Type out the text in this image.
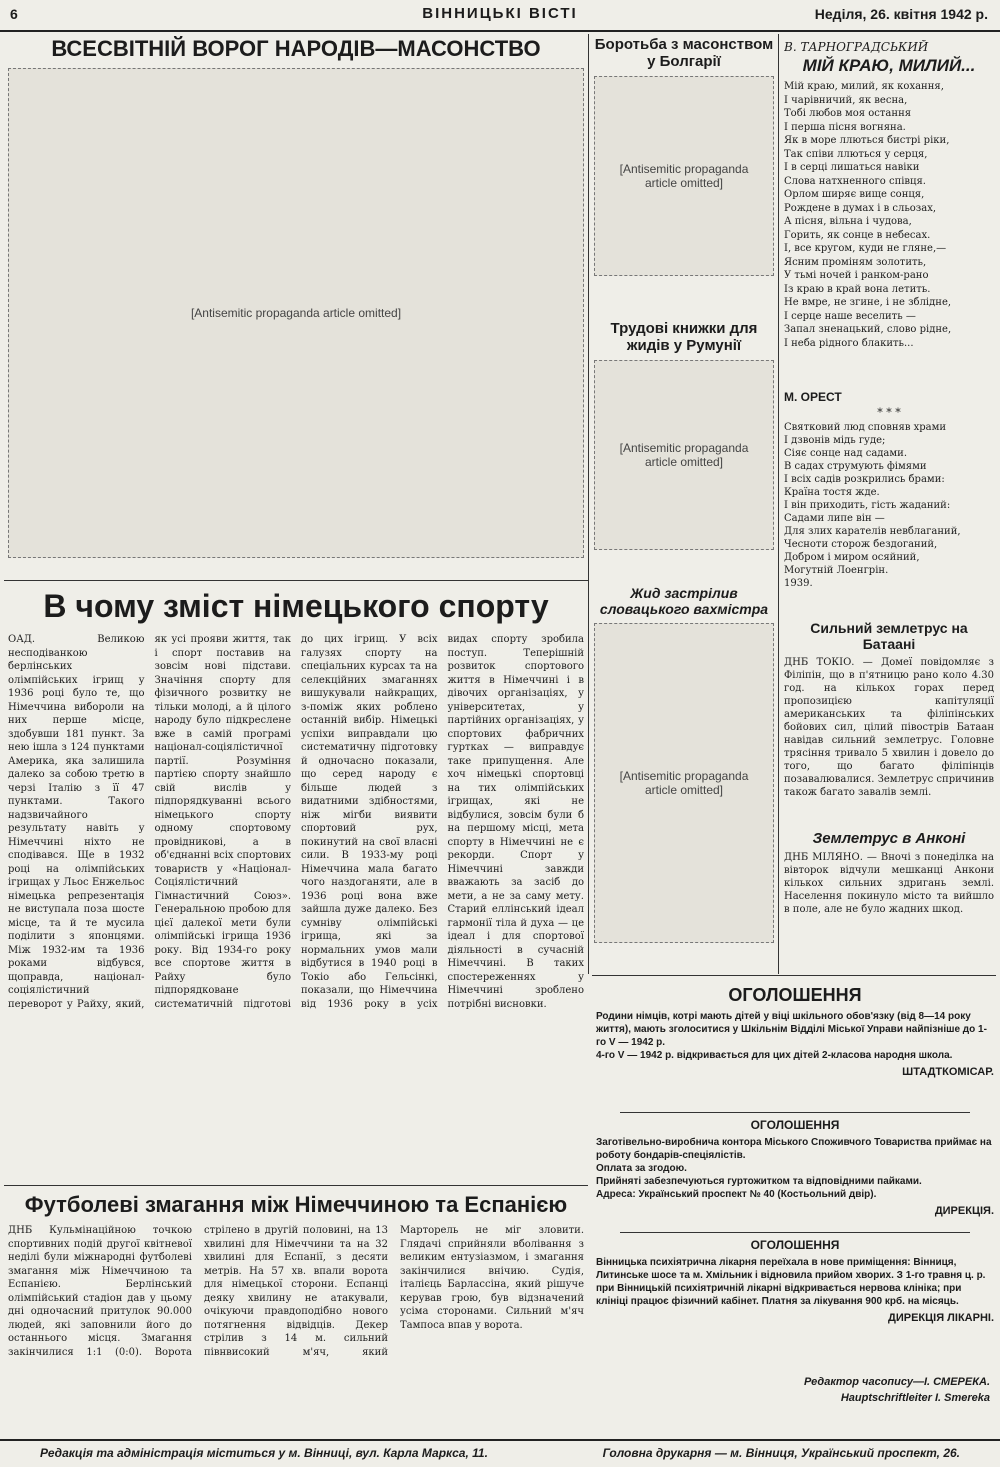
6	ВІННИЦЬКІ ВІСТІ	Неділя, 26. квітня 1942 р.

ВСЕСВІТНІЙ ВОРОГ НАРОДІВ—МАСОНСТВО

[Antisemitic propaganda article omitted]

Боротьба з масонством у Болгарії

[Antisemitic propaganda article omitted]

Трудові книжки для жидів у Румунії

[Antisemitic propaganda article omitted]

Жид застрілив словацького вахмістра

[Antisemitic propaganda article omitted]

В. ТАРНОГРАДСЬКИЙ

МІЙ КРАЮ, МИЛИЙ...

Мій краю, милий, як кохання,
І чарівничий, як весна,
Тобі любов моя остання
І перша пісня вогняна.
Як в море ллються бистрі ріки,
Так співи ллються у серця,
І в серці лишаться навіки
Слова натхненного співця.
Орлом ширяє вище сонця,
Рождене в думах і в сльозах,
А пісня, вільна і чудова,
Горить, як сонце в небесах.
І, все кругом, куди не гляне,—
Ясним проміням золотить,
У тьмі ночей і ранком-рано
Із краю в край вона летить.
Не вмре, не згине, і не зблідне,
І серце наше веселить —
Запал зненацький, слово рідне,
І неба рідного блакить...

М. ОРЕСТ

* * *

Святковий люд сповняв храми
І дзвонів мідь гуде;
Сіяє сонце над садами.
В садах струмують фімями
І всіх садів розкрились брами:
Країна тостя жде.
І він приходить, гість жаданий:
Садами липе він —
Для злих карателів невблаганий,
Чесноти сторож бездоганий,
Добром і миром осяйний,
Могутній Лоенгрін.
1939.

Сильний землетрус на Батаані

ДНБ ТОКІО. — Домеї повідомляє з Філіпін, що в п'ятницю рано коло 4.30 год. на кількох горах перед пропозицією капітуляції американських та філіпінських бойових сил, цілий півострів Батаан навідав сильний землетрус. Головне трясіння тривало 5 хвилин і довело до того, що багато філіпінців позавалювалися. Землетрус спричинив також багато завалів землі.

Землетрус в Анконі

ДНБ МІЛЯНО. — Вночі з понеділка на вівторок відчули мешканці Анкони кількох сильних здригань землі. Населення покинуло місто та вийшло в поле, але не було жадних шкод.

В чому зміст німецького спорту

ОАД. Великою несподіванкою берлінських олімпійських ігрищ у 1936 році було те, що Німеччина вибороли на них перше місце, здобувши 181 пункт. За нею ішла з 124 пунктами Америка, яка залишила далеко за собою третю в черзі Італію з її 47 пунктами. Такого надзвичайного результату навіть у Німеччині ніхто не сподівався. Ще в 1932 році на олімпійських ігрищах у Льос Енжельос німецька репрезентація не виступала поза шосте місце, та й те мусила поділити з японцями. Між 1932-им та 1936 роками відбувся, щоправда, націонал-соціялістичний переворот у Райху, який, як усі прояви життя, так і спорт поставив на зовсім нові підстави. Значіння спорту для фізичного розвитку не тільки молоді, а й цілого народу було підкреслене вже в самій програмі націонал-соціялістичної партії. Розуміння партією спорту знайшло свій вислів у підпорядкуванні всього німецького спорту одному спортовому провідникові, а в об'єднанні всіх спортових товариств у «Націонал-Соціялістичний Гімнастичний Союз». Генеральною пробою для цієї далекої мети були олімпійські ігрища 1936 року. Від 1934-го року все спортове життя в Райху було підпорядковане систематичній підготові до цих ігрищ. У всіх галузях спорту на спеціальних курсах та на селекційних змаганнях вишукували найкращих, з-поміж яких роблено останній вибір. Німецькі успіхи виправдали цю систематичну підготовку й одночасно показали, що серед народу є більше людей з видатними здібностями, ніж мігби виявити спортовий рух, покинутий на свої власні сили. В 1933-му році Німеччина мала багато чого наздоганяти, але в 1936 році вона вже зайшла дуже далеко. Без сумніву олімпійські ігрища, які за нормальних умов мали відбутися в 1940 році в Токіо або Гельсінкі, показали, що Німеччина від 1936 року в усіх видах спорту зробила поступ. Теперішній розвиток спортового життя в Німеччині і в дівочих організаціях, у університетах, у партійних організаціях, у спортових фабричних гуртках — виправдує таке припущення. Але хоч німецькі спортовці на тих олімпійських ігрищах, які не відбулися, зовсім були б на першому місці, мета спорту в Німеччині не є рекорди. Спорт у Німеччині завжди вважають за засіб до мети, а не за саму мету. Старий еллінський ідеал гармонії тіла й духа — це ідеал і для спортової діяльності в сучасній Німеччині. В таких спостереженнях у Німеччині зроблено потрібні висновки.

Футболеві змагання між Німеччиною та Еспанією

ДНБ Кульмінаційною точкою спортивних подій другої квітневої неділі були міжнародні футболеві змагання між Німеччиною та Еспанією. Берлінський олімпійський стадіон дав у цьому дні одночасний притулок 90.000 людей, які заповнили його до останнього місця. Змагання закінчилися 1:1 (0:0). Ворота стрілено в другій половині, на 13 хвилині для Німеччини та на 32 хвилині для Еспанії, з десяти метрів. На 57 хв. впали ворота для німецької сторони. Еспанці деяку хвилину не атакували, очікуючи правдоподібно нового потягнення відвідців. Декер стрілив з 14 м. сильний півнвисокий м'яч, який Марторель не міг зловити. Глядачі сприйняли вболівання з великим ентузіазмом, і змагання закінчилися внічию. Судія, італієць Барлассіна, який рішуче керував грою, був відзначений усіма сторонами. Сильний м'яч Тампоса впав у ворота.

ОГОЛОШЕННЯ

Родини німців, котрі мають дітей у віці шкільного обов'язку (від 8—14 року життя), мають зголоситися у Шкільнім Відділі Міської Управи найпізніше до 1-го V — 1942 р.
4-го V — 1942 р. відкривається для цих дітей 2-класова народня школа.

ШТАДТКОМІСАР.

ОГОЛОШЕННЯ

Заготівельно-виробнича контора Міського Споживчого Товариства приймає на роботу бондарів-спеціялістів.
Оплата за згодою.
Прийняті забезпечуються гуртожитком та відповідними пайками.
Адреса: Український проспект № 40 (Костьольний двір).

ДИРЕКЦІЯ.

ОГОЛОШЕННЯ

Вінницька психіятрична лікарня переїхала в нове приміщення: Вінниця, Литинське шосе та м. Хмільник і відновила прийом хворих. З 1-го травня ц. р. при Вінницькій психіятричній лікарні відкривається нервова клініка; при клініці працює фізичний кабінет. Платня за лікування 900 крб. на місяць.

ДИРЕКЦІЯ ЛІКАРНІ.

Редактор часопису—І. СМЕРЕКА.

Hauptschriftleiter I. Smereka

Редакція та адміністрація міститься у м. Вінниці, вул. Карла Маркса, 11.	Головна друкарня — м. Вінниця, Український проспект, 26.
